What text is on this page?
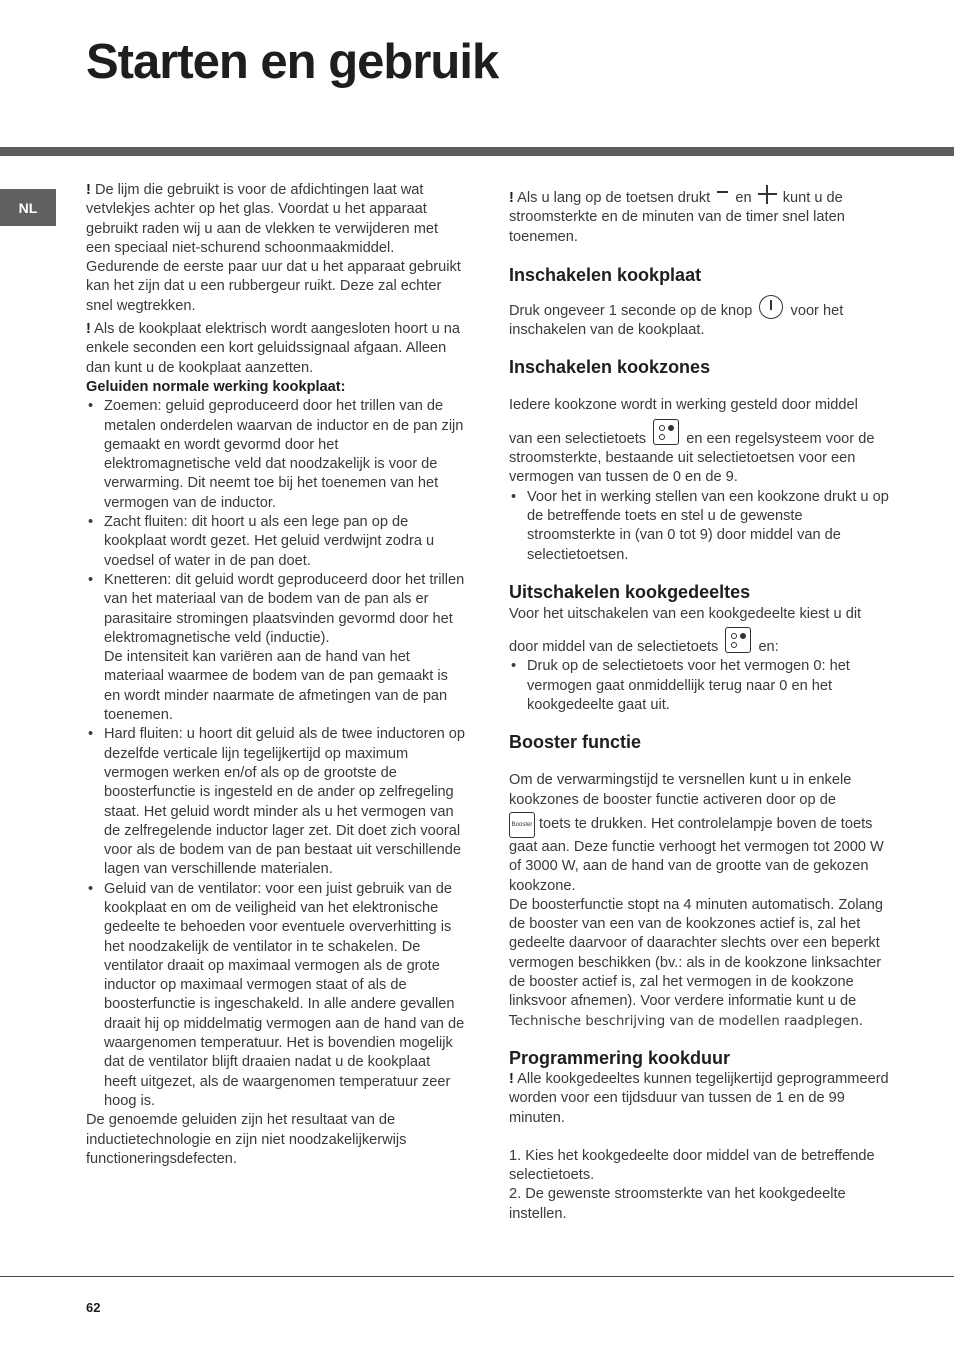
Starten en gebruik
NL

! De lijm die gebruikt is voor de afdichtingen laat wat vetvlekjes achter op het glas. Voordat u het apparaat gebruikt raden wij u aan de vlekken te verwijderen met een speciaal niet-schurend schoonmaakmiddel. Gedurende de eerste paar uur dat u het apparaat gebruikt kan het zijn dat u een rubbergeur ruikt. Deze zal echter snel wegtrekken.

! Als de kookplaat elektrisch wordt aangesloten hoort u na enkele seconden een kort geluidssignaal afgaan. Alleen dan kunt u de kookplaat aanzetten.

Geluiden normale werking kookplaat:

• Zoemen: geluid geproduceerd door het trillen van de metalen onderdelen waarvan de inductor en de pan zijn gemaakt en wordt gevormd door het elektromagnetische veld dat noodzakelijk is voor de verwarming. Dit neemt toe bij het toenemen van het vermogen van de inductor.
• Zacht fluiten: dit hoort u als een lege pan op de kookplaat wordt gezet. Het geluid verdwijnt zodra u voedsel of water in de pan doet.
• Knetteren: dit geluid wordt geproduceerd door het trillen van het materiaal van de bodem van de pan als er parasitaire stromingen plaatsvinden gevormd door het elektromagnetische veld (inductie).
De intensiteit kan variëren aan de hand van het materiaal waarmee de bodem van de pan gemaakt is en wordt minder naarmate de afmetingen van de pan toenemen.
• Hard fluiten: u hoort dit geluid als de twee inductoren op dezelfde verticale lijn tegelijkertijd op maximum vermogen werken en/of als op de grootste de boosterfunctie is ingesteld en de ander op zelfregeling staat. Het geluid wordt minder als u het vermogen van de zelfregelende inductor lager zet. Dit doet zich vooral voor als de bodem van de pan bestaat uit verschillende lagen van verschillende materialen.
• Geluid van de ventilator: voor een juist gebruik van de kookplaat en om de veiligheid van het elektronische gedeelte te behoeden voor eventuele oververhitting is het noodzakelijk de ventilator in te schakelen. De ventilator draait op maximaal vermogen als de grote inductor op maximaal vermogen staat of als de boosterfunctie is ingeschakeld. In alle andere gevallen draait hij op middelmatig vermogen aan de hand van de waargenomen temperatuur. Het is bovendien mogelijk dat de ventilator blijft draaien nadat u de kookplaat heeft uitgezet, als de waargenomen temperatuur zeer hoog is.

De genoemde geluiden zijn het resultaat van de inductietechnologie en zijn niet noodzakelijkerwijs functioneringsdefecten.

! Als u lang op de toetsen drukt en kunt u de stroomsterkte en de minuten van de timer snel laten toenemen.

Inschakelen kookplaat

Druk ongeveer 1 seconde op de knop	voor het inschakelen van de kookplaat.

Inschakelen kookzones

Iedere kookzone wordt in werking gesteld door middel

van een selectietoets	en een regelsysteem voor de stroomsterkte, bestaande uit selectietoetsen voor een vermogen van tussen de 0 en de 9.

• Voor het in werking stellen van een kookzone drukt u op de betreffende toets en stel u de gewenste stroomsterkte in (van 0 tot 9) door middel van de selectietoetsen.
Uitschakelen kookgedeeltes

Voor het uitschakelen van een kookgedeelte kiest u dit

door middel van de selectietoets	en:

• Druk op de selectietoets voor het vermogen 0: het vermogen gaat onmiddellijk terug naar 0 en het kookgedeelte gaat uit.
Booster functie

Om de verwarmingstijd te versnellen kunt u in enkele kookzones de booster functie activeren door op de

Booster toets te drukken. Het controlelampje boven de toets gaat aan. Deze functie verhoogt het vermogen tot 2000 W of 3000 W, aan de hand van de grootte van de gekozen kookzone.

De boosterfunctie stopt na 4 minuten automatisch. Zolang de booster van een van de kookzones actief is, zal het gedeelte daarvoor of daarachter slechts over een beperkt vermogen beschikken (bv.: als in de kookzone linksachter de booster actief is, zal het vermogen in de kookzone linksvoor afnemen). Voor verdere informatie kunt u de Technische beschrijving van de modellen raadplegen.

Programmering kookduur

! Alle kookgedeeltes kunnen tegelijkertijd geprogrammeerd worden voor een tijdsduur van tussen de 1 en de 99 minuten.

1. Kies het kookgedeelte door middel van de betreffende selectietoets.

2. De gewenste stroomsterkte van het kookgedeelte instellen.

62
